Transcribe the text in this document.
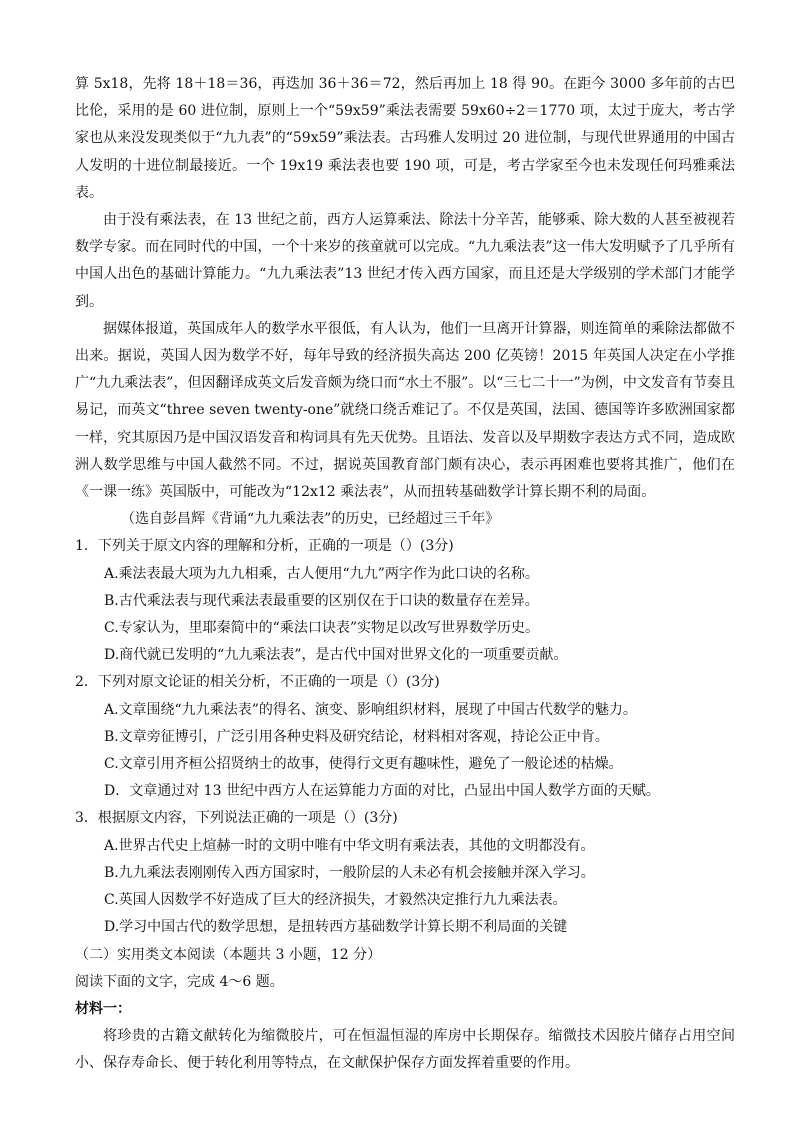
算 5x18，先将 18＋18＝36，再迭加 36＋36＝72，然后再加上 18 得 90。在距今 3000 多年前的古巴比伦，采用的是 60 进位制，原则上一个“59x59”乘法表需要 59x60÷2＝1770 项，太过于庞大，考古学家也从来没发现类似于“九九表”的“59x59”乘法表。古玛雅人发明过 20 进位制，与现代世界通用的中国古人发明的十进位制最接近。一个 19x19 乘法表也要 190 项，可是，考古学家至今也未发现任何玛雅乘法表。

由于没有乘法表，在 13 世纪之前，西方人运算乘法、除法十分辛苦，能够乘、除大数的人甚至被视若数学专家。而在同时代的中国，一个十来岁的孩童就可以完成。“九九乘法表”这一伟大发明赋予了几乎所有中国人出色的基础计算能力。“九九乘法表”13 世纪才传入西方国家，而且还是大学级别的学术部门才能学到。

据媒体报道，英国成年人的数学水平很低，有人认为，他们一旦离开计算器，则连简单的乘除法都做不出来。据说，英国人因为数学不好，每年导致的经济损失高达 200 亿英镑！2015 年英国人决定在小学推广“九九乘法表”，但因翻译成英文后发音颇为绕口而“水土不服”。以“三七二十一”为例，中文发音有节奏且易记，而英文“three seven twenty-one”就绕口绕舌难记了。不仅是英国，法国、德国等许多欧洲国家都一样，究其原因乃是中国汉语发音和构词具有先天优势。且语法、发音以及早期数字表达方式不同，造成欧洲人数学思维与中国人截然不同。不过，据说英国教育部门颇有决心，表示再困难也要将其推广，他们在《一课一练》英国版中，可能改为“12x12 乘法表”，从而扭转基础数学计算长期不利的局面。

（选自彭昌辉《背诵“九九乘法表”的历史，已经超过三千年》

1．下列关于原文内容的理解和分析，正确的一项是（）(3分)

A.乘法表最大项为九九相乘，古人便用“九九”两字作为此口诀的名称。

B.古代乘法表与现代乘法表最重要的区别仅在于口诀的数量存在差异。

C.专家认为，里耶秦简中的“乘法口诀表”实物足以改写世界数学历史。

D.商代就已发明的“九九乘法表”，是古代中国对世界文化的一项重要贡献。

2．下列对原文论证的相关分析，不正确的一项是（）(3分)

A.文章围绕“九九乘法表”的得名、演变、影响组织材料，展现了中国古代数学的魅力。

B.文章旁征博引，广泛引用各种史料及研究结论，材料相对客观，持论公正中肯。

C.文章引用齐桓公招贤纳士的故事，使得行文更有趣味性，避免了一般论述的枯燥。

D．文章通过对 13 世纪中西方人在运算能力方面的对比，凸显出中国人数学方面的天赋。

3．根据原文内容，下列说法正确的一项是（）(3分)

A.世界古代史上煊赫一时的文明中唯有中华文明有乘法表，其他的文明都没有。

B.九九乘法表刚刚传入西方国家时，一般阶层的人未必有机会接触并深入学习。

C.英国人因数学不好造成了巨大的经济损失，才毅然决定推行九九乘法表。

D.学习中国古代的数学思想，是扭转西方基础数学计算长期不利局面的关键

（二）实用类文本阅读（本题共 3 小题，12 分）

阅读下面的文字，完成 4～6 题。

材料一：

将珍贵的古籍文献转化为缩微胶片，可在恒温恒湿的库房中长期保存。缩微技术因胶片储存占用空间小、保存寿命长、便于转化利用等特点，在文献保护保存方面发挥着重要的作用。
